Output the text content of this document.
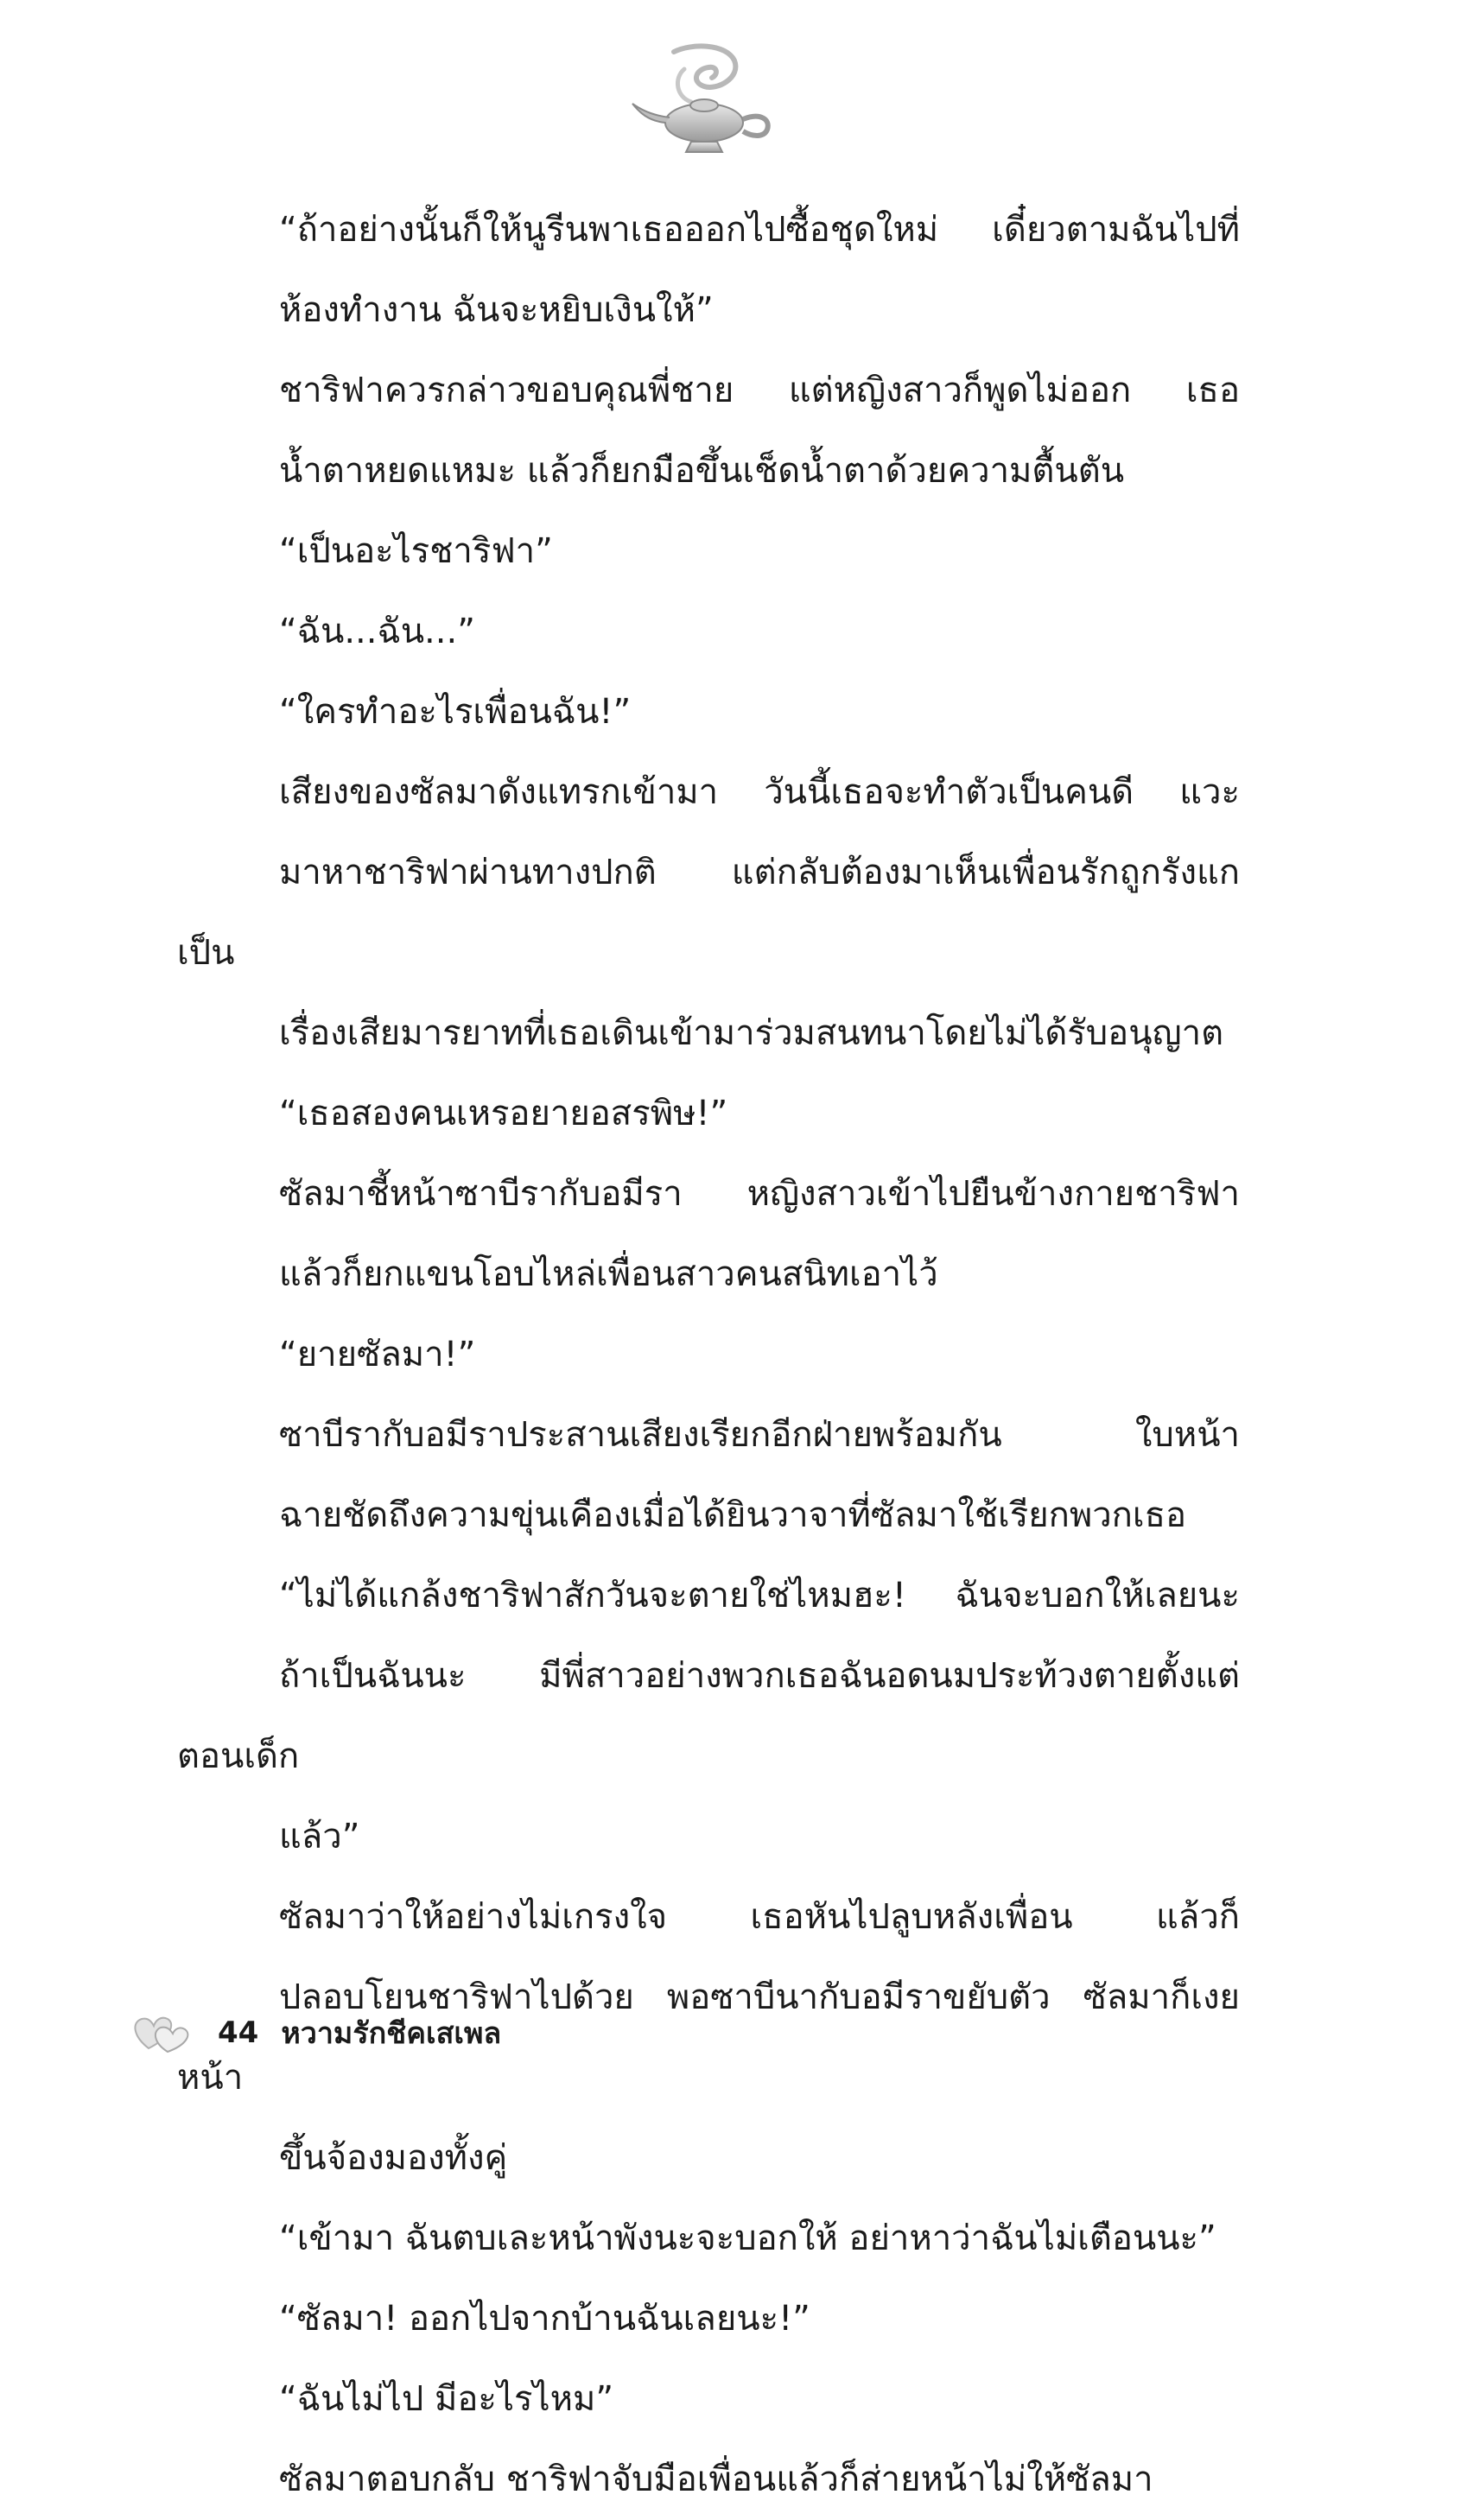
“ถ้าอย่างนั้นก็ให้นูรีนพาเธอออกไปซื้อชุดใหม่ เดี๋ยวตามฉันไปที่
ห้องทำงาน ฉันจะหยิบเงินให้”
ชาริฟาควรกล่าวขอบคุณพี่ชาย แต่หญิงสาวก็พูดไม่ออก เธอ
น้ำตาหยดแหมะ แล้วก็ยกมือขึ้นเช็ดน้ำตาด้วยความตื้นตัน
“เป็นอะไรชาริฟา”
“ฉัน...ฉัน...”
“ใครทำอะไรเพื่อนฉัน!”
เสียงของซัลมาดังแทรกเข้ามา วันนี้เธอจะทำตัวเป็นคนดี แวะ
มาหาชาริฟาผ่านทางปกติ แต่กลับต้องมาเห็นเพื่อนรักถูกรังแก เป็น
เรื่องเสียมารยาทที่เธอเดินเข้ามาร่วมสนทนาโดยไม่ได้รับอนุญาต
“เธอสองคนเหรอยายอสรพิษ!”
ซัลมาชี้หน้าซาบีรากับอมีรา หญิงสาวเข้าไปยืนข้างกายชาริฟา
แล้วก็ยกแขนโอบไหล่เพื่อนสาวคนสนิทเอาไว้
“ยายซัลมา!”
ซาบีรากับอมีราประสานเสียงเรียกอีกฝ่ายพร้อมกัน ใบหน้า
ฉายชัดถึงความขุ่นเคืองเมื่อได้ยินวาจาที่ซัลมาใช้เรียกพวกเธอ
“ไม่ได้แกล้งชาริฟาสักวันจะตายใช่ไหมฮะ! ฉันจะบอกให้เลยนะ
ถ้าเป็นฉันนะ มีพี่สาวอย่างพวกเธอฉันอดนมประท้วงตายตั้งแต่ตอนเด็ก
แล้ว”
ซัลมาว่าให้อย่างไม่เกรงใจ เธอหันไปลูบหลังเพื่อน แล้วก็
ปลอบโยนชาริฟาไปด้วย พอซาบีนากับอมีราขยับตัว ซัลมาก็เงยหน้า
ขึ้นจ้องมองทั้งคู่
“เข้ามา ฉันตบเละหน้าพังนะจะบอกให้ อย่าหาว่าฉันไม่เตือนนะ”
“ซัลมา! ออกไปจากบ้านฉันเลยนะ!”
“ฉันไม่ไป มีอะไรไหม”
ซัลมาตอบกลับ ชาริฟาจับมือเพื่อนแล้วก็ส่ายหน้าไม่ให้ซัลมา
44 หวามรักชีคเสเพล
